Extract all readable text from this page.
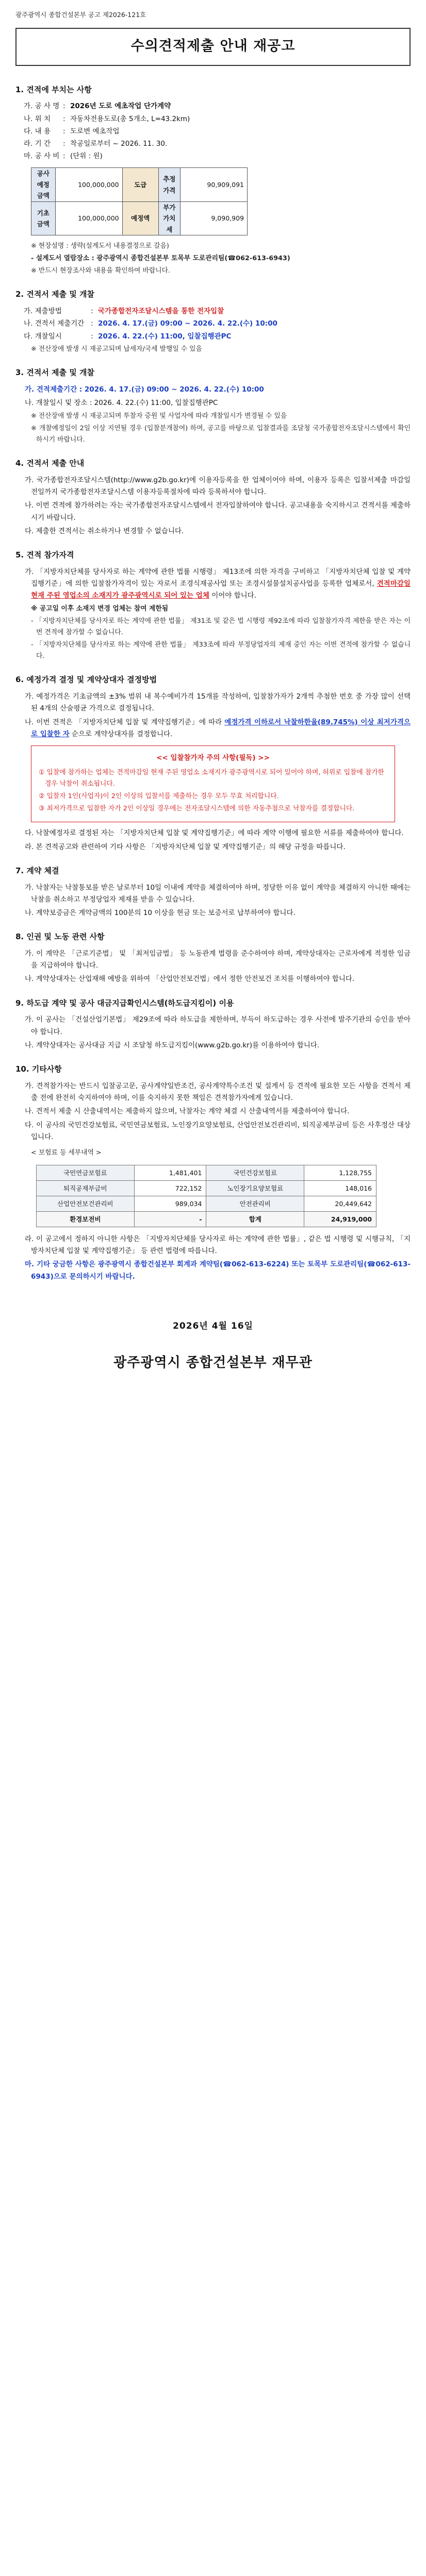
광주광역시 종합건설본부 공고 제2026-121호
수의견적제출 안내 재공고
1. 견적에 부치는 사항
가. 공 사 명 : 2026년 도로 예초작업 단가계약
나. 위 치	: 자동차전용도로(총 5개소, L=43.2km)
다. 내 용	: 도로변 예초작업
라. 기 간	: 착공일로부터 ~ 2026. 11. 30.
마. 공 사 비 : (단위 : 원)
공사예정금액	100,000,000	도급	추정가격	90,909,091
기초금액	100,000,000	예정액	부가가치세	9,090,909

※ 현장설명 : 생략(설계도서 내용결정으로 갈음)

- 설계도서 열람장소 : 광주광역시 종합건설본부 토목부 도로관리팀(☎062-613-6943)

※ 반드시 현장조사와 내용을 확인하여 바랍니다.

2. 견적서 제출 및 개찰
가. 제출방법	: 국가종합전자조달시스템을 통한 전자입찰
나. 견적서 제출기간 : 2026. 4. 17.(금) 09:00 ~ 2026. 4. 22.(수) 10:00
다. 개찰일시	: 2026. 4. 22.(수) 11:00, 입찰집행관PC

※ 전산장애 발생 시 재공고되며 납세자/국세 발행일 수 있음

3. 견적서 제출 및 개찰

가. 견적제출기간 : 2026. 4. 17.(금) 09:00 ~ 2026. 4. 22.(수) 10:00

나. 개찰일시 및 장소 : 2026. 4. 22.(수) 11:00, 입찰집행관PC

※ 전산장애 발생 시 재공고되며 투찰자 증원 및 사업자에 따라 개찰일시가 변경될 수 있음

※ 개찰예정일이 2일 이상 지연될 경우 (입찰분개참여) 하며, 공고를 바탕으로 입찰결과를 조달청 국가종합전자조달시스템에서 확인하시기 바랍니다.

4. 견적서 제출 안내

가. 국가종합전자조달시스템(http://www.g2b.go.kr)에 이용자등록을 한 업체이어야 하며, 이용자 등록은 입찰서제출 마감일 전일까지 국가종합전자조달시스템 이용자등록절차에 따라 등록하셔야 합니다.

나. 이번 견적에 참가하려는 자는 국가종합전자조달시스템에서 전자입찰하여야 합니다. 공고내용을 숙지하시고 견적서를 제출하시기 바랍니다.

다. 제출한 견적서는 취소하거나 변경할 수 없습니다.

5. 견적 참가자격

가. 「지방자치단체를 당사자로 하는 계약에 관한 법률 시행령」 제13조에 의한 자격을 구비하고 「지방자치단체 입찰 및 계약집행기준」에 의한 입찰참가자격이 있는 자로서 조경식재공사업 또는 조경시설물설치공사업을 등록한 업체로서, 견적마감일 현재 주된 영업소의 소재지가 광주광역시로 되어 있는 업체 이어야 합니다.

※ 공고일 이후 소재지 변경 업체는 참여 제한됨

- 「지방자치단체를 당사자로 하는 계약에 관한 법률」 제31조 및 같은 법 시행령 제92조에 따라 입찰참가자격 제한을 받은 자는 이번 견적에 참가할 수 없습니다.

- 「지방자치단체를 당사자로 하는 계약에 관한 법률」 제33조에 따라 부정당업자의 제재 중인 자는 이번 견적에 참가할 수 없습니다.

6. 예정가격 결정 및 계약상대자 결정방법

가. 예정가격은 기초금액의 ±3% 범위 내 복수예비가격 15개를 작성하여, 입찰참가자가 2개씩 추첨한 번호 중 가장 많이 선택된 4개의 산술평균 가격으로 결정됩니다.

나. 이번 견적은 「지방자치단체 입찰 및 계약집행기준」에 따라 예정가격 이하로서 낙찰하한율(89.745%) 이상 최저가격으로 입찰한 자 순으로 계약상대자를 결정합니다.

<< 입찰참가자 주의 사항(필독) >>

① 입찰에 참가하는 업체는 견적마감일 현재 주된 영업소 소재지가 광주광역시로 되어 있어야 하며, 허위로 입찰에 참가한 경우 낙찰이 취소됩니다.

② 입찰자 1인(사업자)이 2인 이상의 입찰서를 제출하는 경우 모두 무효 처리합니다.

③ 최저가격으로 입찰한 자가 2인 이상일 경우에는 전자조달시스템에 의한 자동추첨으로 낙찰자를 결정합니다.

다. 낙찰예정자로 결정된 자는 「지방자치단체 입찰 및 계약집행기준」에 따라 계약 이행에 필요한 서류를 제출하여야 합니다.

라. 본 견적공고와 관련하여 기타 사항은 「지방자치단체 입찰 및 계약집행기준」의 해당 규정을 따릅니다.

7. 계약 체결

가. 낙찰자는 낙찰통보를 받은 날로부터 10일 이내에 계약을 체결하여야 하며, 정당한 이유 없이 계약을 체결하지 아니한 때에는 낙찰을 취소하고 부정당업자 제재를 받을 수 있습니다.

나. 계약보증금은 계약금액의 100분의 10 이상을 현금 또는 보증서로 납부하여야 합니다.

8. 인권 및 노동 관련 사항

가. 이 계약은 「근로기준법」 및 「최저임금법」 등 노동관계 법령을 준수하여야 하며, 계약상대자는 근로자에게 적정한 임금을 지급하여야 합니다.

나. 계약상대자는 산업재해 예방을 위하여 「산업안전보건법」에서 정한 안전보건 조치를 이행하여야 합니다.

9. 하도급 계약 및 공사 대금지급확인시스템(하도급지킴이) 이용

가. 이 공사는 「건설산업기본법」 제29조에 따라 하도급을 제한하며, 부득이 하도급하는 경우 사전에 발주기관의 승인을 받아야 합니다.

나. 계약상대자는 공사대금 지급 시 조달청 하도급지킴이(www.g2b.go.kr)를 이용하여야 합니다.

10. 기타사항

가. 견적참가자는 반드시 입찰공고문, 공사계약일반조건, 공사계약특수조건 및 설계서 등 견적에 필요한 모든 사항을 견적서 제출 전에 완전히 숙지하여야 하며, 이를 숙지하지 못한 책임은 견적참가자에게 있습니다.

나. 견적서 제출 시 산출내역서는 제출하지 않으며, 낙찰자는 계약 체결 시 산출내역서를 제출하여야 합니다.

다. 이 공사의 국민건강보험료, 국민연금보험료, 노인장기요양보험료, 산업안전보건관리비, 퇴직공제부금비 등은 사후정산 대상입니다.

< 보험료 등 세부내역 >

국민연금보험료	1,481,401	국민건강보험료	1,128,755
퇴직공제부금비	722,152	노인장기요양보험료	148,016
산업안전보건관리비	989,034	안전관리비	20,449,642
환경보전비	-	합계	24,919,000

라. 이 공고에서 정하지 아니한 사항은 「지방자치단체를 당사자로 하는 계약에 관한 법률」, 같은 법 시행령 및 시행규칙, 「지방자치단체 입찰 및 계약집행기준」 등 관련 법령에 따릅니다.

마. 기타 궁금한 사항은 광주광역시 종합건설본부 회계과 계약팀(☎062-613-6224) 또는 토목부 도로관리팀(☎062-613-6943)으로 문의하시기 바랍니다.

2026년 4월 16일
광주광역시 종합건설본부 재무관
